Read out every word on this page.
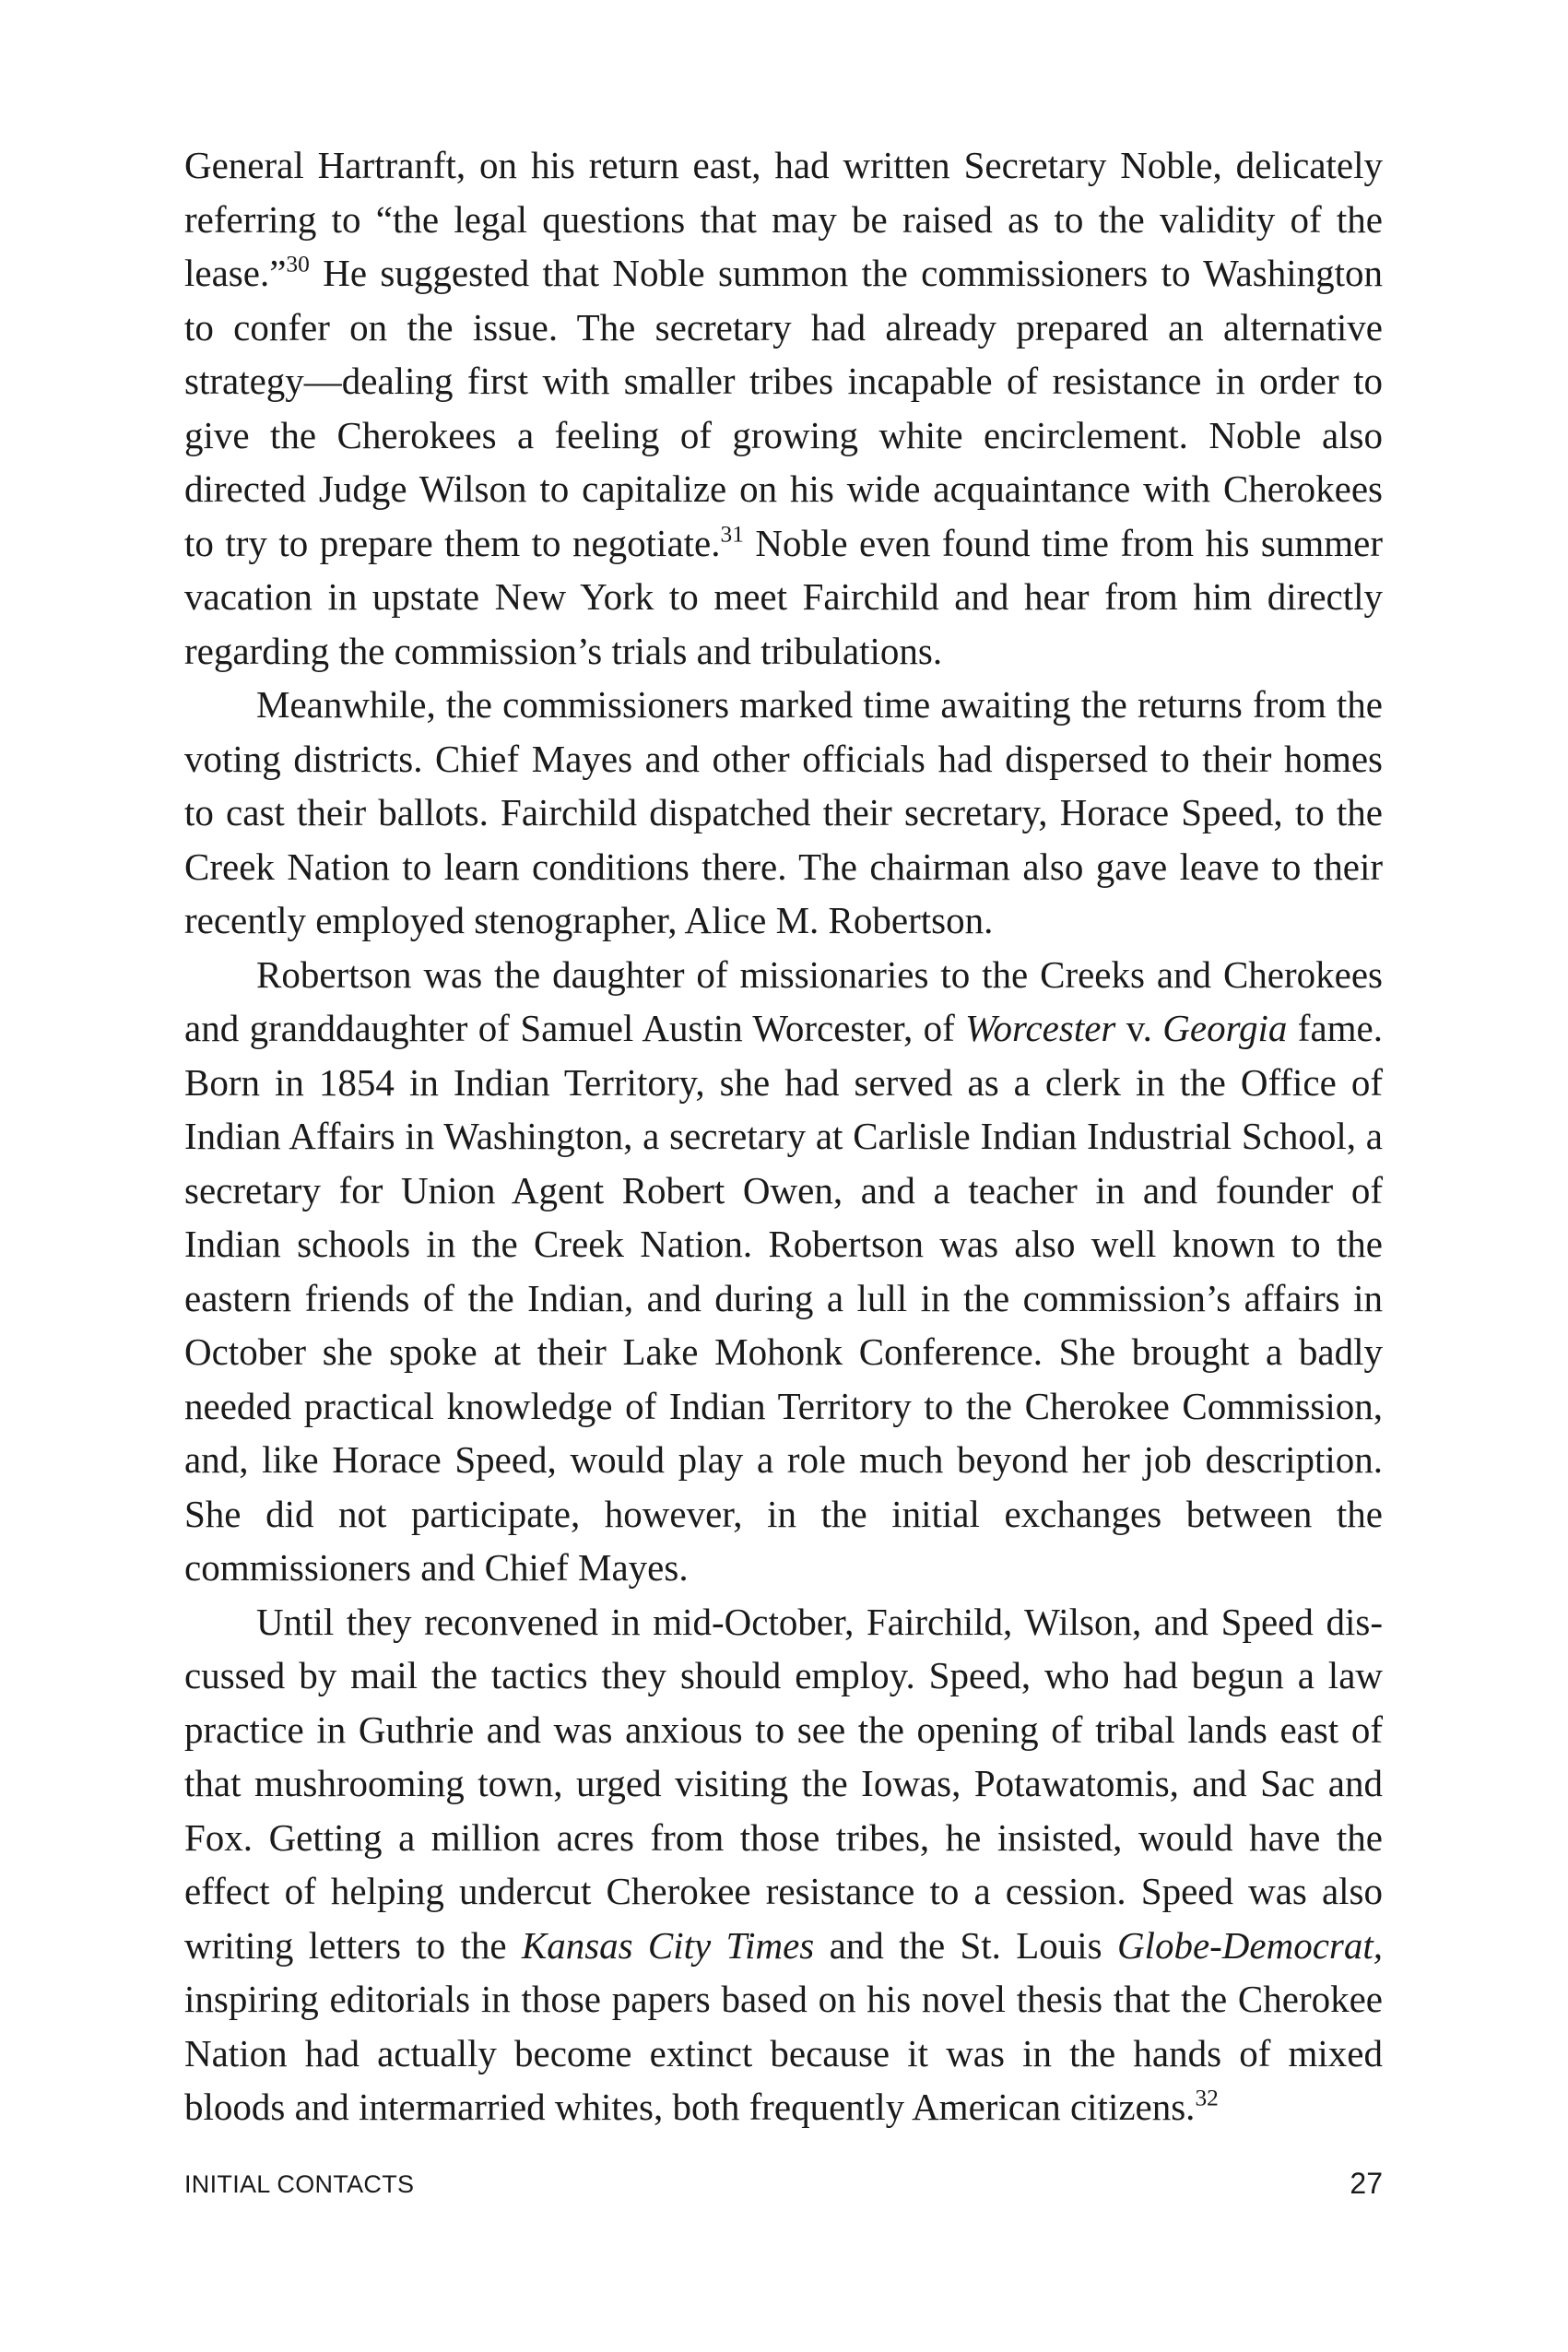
General Hartranft, on his return east, had written Secretary Noble, delicately referring to “the legal questions that may be raised as to the validity of the lease.”$^{30}$ He suggested that Noble summon the commissioners to Washington to confer on the issue. The secretary had already prepared an alternative strategy—dealing first with smaller tribes incapable of resistance in order to give the Cherokees a feeling of growing white encirclement. Noble also directed Judge Wilson to capitalize on his wide acquaintance with Cherokees to try to prepare them to negotiate.$^{31}$ Noble even found time from his summer vacation in upstate New York to meet Fairchild and hear from him directly regarding the commission’s trials and tribulations.

Meanwhile, the commissioners marked time awaiting the returns from the voting districts. Chief Mayes and other officials had dispersed to their homes to cast their ballots. Fairchild dispatched their secretary, Horace Speed, to the Creek Nation to learn conditions there. The chairman also gave leave to their recently employed stenographer, Alice M. Robertson.

Robertson was the daughter of missionaries to the Creeks and Cherokees and granddaughter of Samuel Austin Worcester, of Worcester v. Georgia fame. Born in 1854 in Indian Territory, she had served as a clerk in the Office of Indian Affairs in Washington, a secretary at Carlisle Indian Industrial School, a secretary for Union Agent Robert Owen, and a teacher in and founder of Indian schools in the Creek Nation. Robertson was also well known to the eastern friends of the Indian, and during a lull in the commission’s affairs in October she spoke at their Lake Mohonk Conference. She brought a badly needed practical knowledge of Indian Territory to the Cherokee Commission, and, like Horace Speed, would play a role much beyond her job description. She did not participate, however, in the initial exchanges between the commissioners and Chief Mayes.

Until they reconvened in mid-October, Fairchild, Wilson, and Speed discussed by mail the tactics they should employ. Speed, who had begun a law practice in Guthrie and was anxious to see the opening of tribal lands east of that mushrooming town, urged visiting the Iowas, Potawatomis, and Sac and Fox. Getting a million acres from those tribes, he insisted, would have the effect of helping undercut Cherokee resistance to a cession. Speed was also writing letters to the Kansas City Times and the St. Louis Globe-Democrat, inspiring editorials in those papers based on his novel thesis that the Cherokee Nation had actually become extinct because it was in the hands of mixed bloods and intermarried whites, both frequently American citizens.$^{32}$

INITIAL CONTACTS	27
